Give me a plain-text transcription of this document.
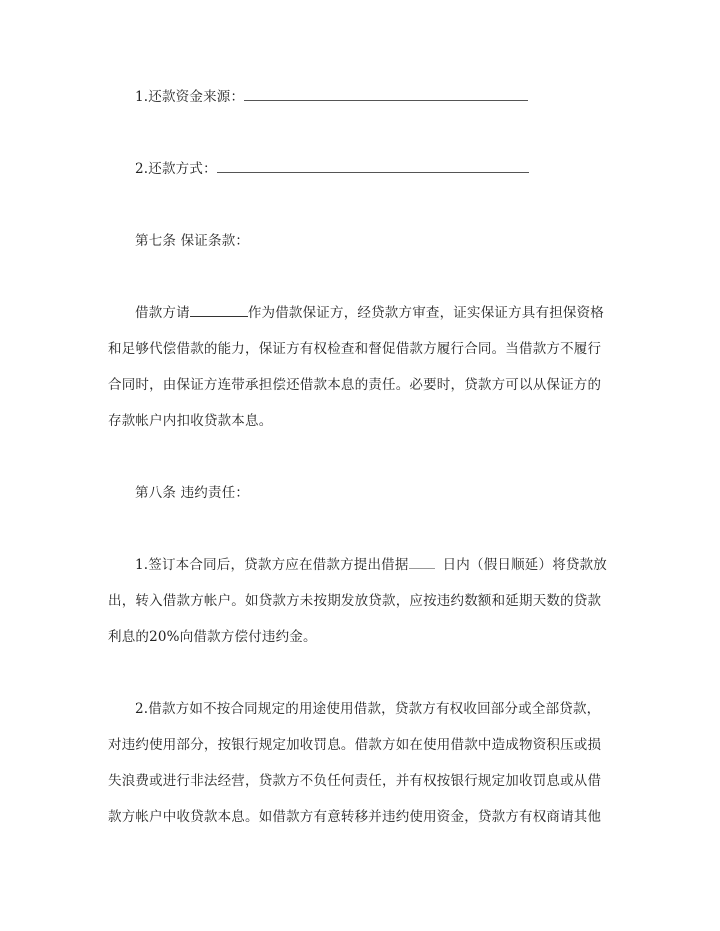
1.还款资金来源：
2.还款方式：
第七条 保证条款：
借款方请	作为借款保证方，经贷款方审查，证实保证方具有担保资格
和足够代偿借款的能力，保证方有权检查和督促借款方履行合同。当借款方不履行
合同时，由保证方连带承担偿还借款本息的责任。必要时，贷款方可以从保证方的
存款帐户内扣收贷款本息。
第八条 违约责任：
1.签订本合同后，贷款方应在借款方提出借据	日内（假日顺延）将贷款放
出，转入借款方帐户。如贷款方未按期发放贷款，应按违约数额和延期天数的贷款
利息的20%向借款方偿付违约金。
2.借款方如不按合同规定的用途使用借款，贷款方有权收回部分或全部贷款，
对违约使用部分，按银行规定加收罚息。借款方如在使用借款中造成物资积压或损
失浪费或进行非法经营，贷款方不负任何责任，并有权按银行规定加收罚息或从借
款方帐户中收贷款本息。如借款方有意转移并违约使用资金，贷款方有权商请其他
